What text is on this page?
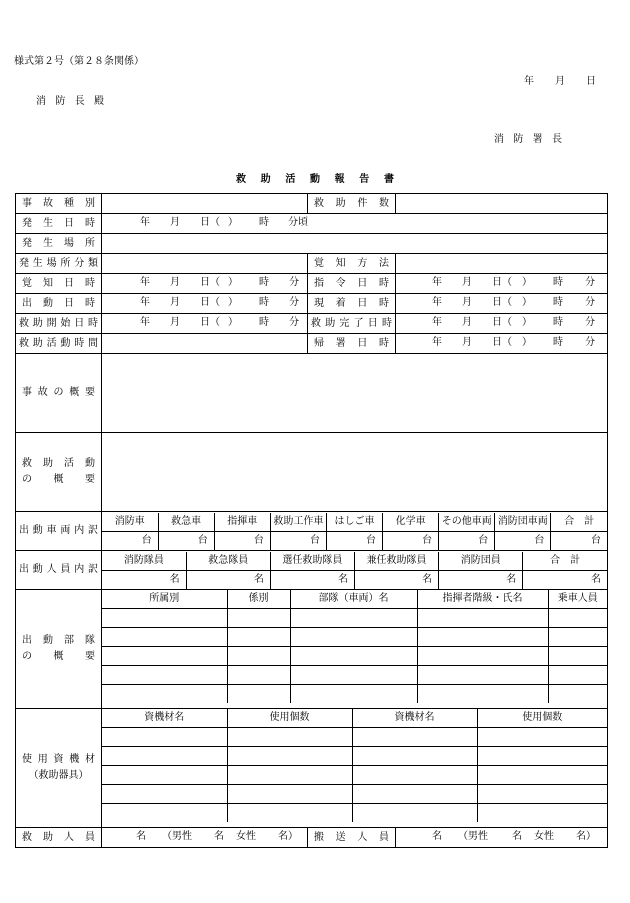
様式第２号（第２８条関係）
年 月 日
消 防 長 殿
消 防 署 長
救 助 活 動 報 告 書
事 故 種 別		救 助 件 数

発 生 日 時	年 月 日（ ） 時 分頃

発 生 場 所

発 生 場 所 分 類		覚 知 方 法

覚 知 日 時	年 月 日（ ） 時 分	指 令 日 時	年 月 日（ ） 時 分

出 動 日 時	年 月 日（ ） 時 分	現 着 日 時	年 月 日（ ） 時 分

救 助 開 始 日 時	年 月 日（ ） 時 分	救 助 完 了 日 時	年 月 日（ ） 時 分

救 助 活 動 時 間		帰 署 日 時	年 月 日（ ） 時 分

事 故 の 概 要

救 助 活 動
の 概 要

出 動 車 両 内 訳

消防車	救急車	指揮車	救助工作車	はしご車	化学車	その他車両	消防団車両	合　計
台	台	台	台	台	台	台	台	台

出 動 人 員 内 訳

消防隊員	救急隊員	選任救助隊員	兼任救助隊員	消防団員	合　計
名	名	名	名	名	名

出 動 部 隊
の 概 要

所属別	係別	部隊（車両）名	指揮者階級・氏名	乗車人員

使 用 資 機 材
（救助器具）

資機材名	使用個数	資機材名	使用個数

救 助 人 員	名 （男性 名 女性 名）	搬 送 人 員	名 （男性 名 女性 名）
